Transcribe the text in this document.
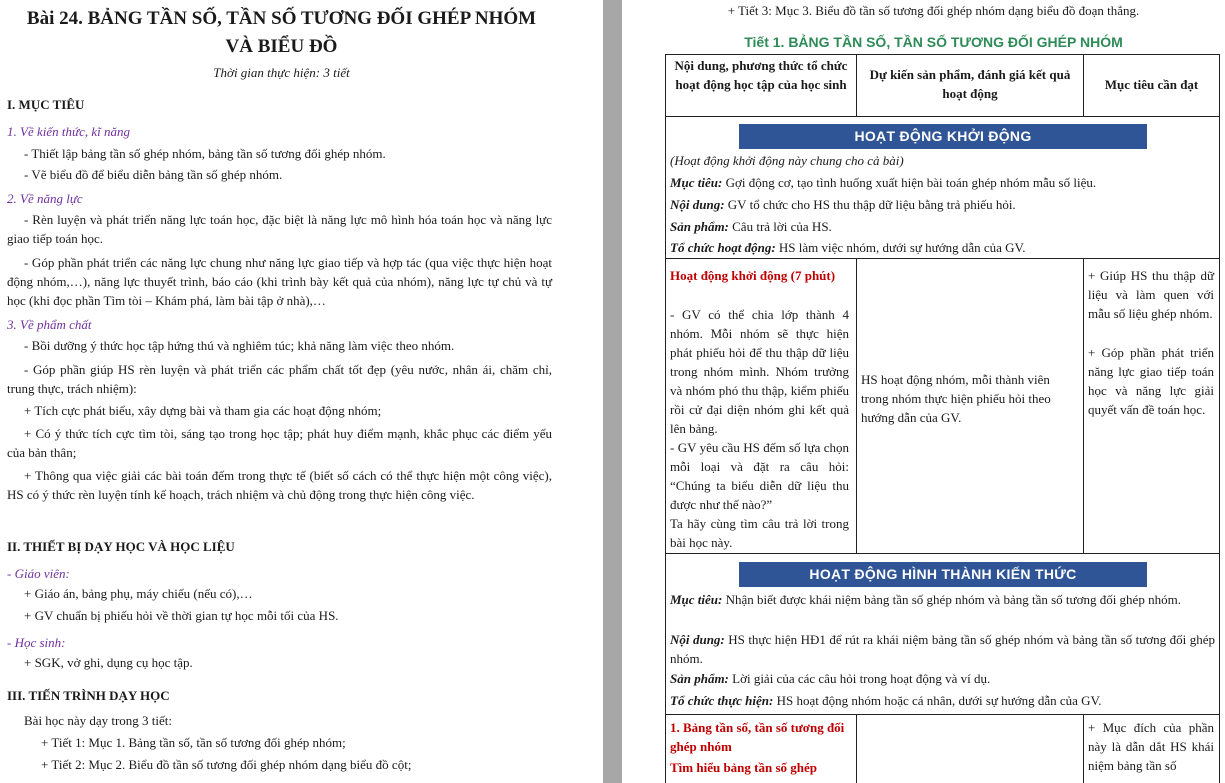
Bài 24. BẢNG TẦN SỐ, TẦN SỐ TƯƠNG ĐỐI GHÉP NHÓM
VÀ BIỂU ĐỒ
Thời gian thực hiện: 3 tiết
I. MỤC TIÊU
1. Về kiến thức, kĩ năng
- Thiết lập bảng tần số ghép nhóm, bảng tần số tương đối ghép nhóm.
- Vẽ biểu đồ để biểu diễn bảng tần số ghép nhóm.
2. Về năng lực
- Rèn luyện và phát triển năng lực toán học, đặc biệt là năng lực mô hình hóa toán học và năng lực giao tiếp toán học.
- Góp phần phát triển các năng lực chung như năng lực giao tiếp và hợp tác (qua việc thực hiện hoạt động nhóm,…), năng lực thuyết trình, báo cáo (khi trình bày kết quả của nhóm), năng lực tự chủ và tự học (khi đọc phần Tìm tòi – Khám phá, làm bài tập ở nhà),…
3. Về phẩm chất
- Bồi dưỡng ý thức học tập hứng thú và nghiêm túc; khả năng làm việc theo nhóm.
- Góp phần giúp HS rèn luyện và phát triển các phẩm chất tốt đẹp (yêu nước, nhân ái, chăm chỉ, trung thực, trách nhiệm):
+ Tích cực phát biểu, xây dựng bài và tham gia các hoạt động nhóm;
+ Có ý thức tích cực tìm tòi, sáng tạo trong học tập; phát huy điểm mạnh, khắc phục các điểm yếu của bản thân;
+ Thông qua việc giải các bài toán đếm trong thực tế (biết số cách có thể thực hiện một công việc), HS có ý thức rèn luyện tính kế hoạch, trách nhiệm và chủ động trong thực hiện công việc.
II. THIẾT BỊ DẠY HỌC VÀ HỌC LIỆU
- Giáo viên:
+ Giáo án, bảng phụ, máy chiếu (nếu có),…
+ GV chuẩn bị phiếu hỏi về thời gian tự học mỗi tối của HS.
- Học sinh:
+ SGK, vở ghi, dụng cụ học tập.
III. TIẾN TRÌNH DẠY HỌC
Bài học này dạy trong 3 tiết:
+ Tiết 1: Mục 1. Bảng tần số, tần số tương đối ghép nhóm;
+ Tiết 2: Mục 2. Biểu đồ tần số tương đối ghép nhóm dạng biểu đồ cột;
+ Tiết 3: Mục 3. Biểu đồ tần số tương đối ghép nhóm dạng biểu đồ đoạn thẳng.
Tiết 1. BẢNG TẦN SỐ, TẦN SỐ TƯƠNG ĐỐI GHÉP NHÓM
Nội dung, phương thức tổ chức hoạt động học tập của học sinh
Dự kiến sản phẩm, đánh giá kết quả hoạt động
Mục tiêu cần đạt
HOẠT ĐỘNG KHỞI ĐỘNG
(Hoạt động khởi động này chung cho cả bài)
Mục tiêu: Gợi động cơ, tạo tình huống xuất hiện bài toán ghép nhóm mẫu số liệu.
Nội dung: GV tổ chức cho HS thu thập dữ liệu bằng trả phiếu hỏi.
Sản phẩm: Câu trả lời của HS.
Tổ chức hoạt động: HS làm việc nhóm, dưới sự hướng dẫn của GV.
Hoạt động khởi động (7 phút)
- GV có thể chia lớp thành 4 nhóm. Mỗi nhóm sẽ thực hiện phát phiếu hỏi để thu thập dữ liệu trong nhóm mình. Nhóm trưởng và nhóm phó thu thập, kiểm phiếu rồi cử đại diện nhóm ghi kết quả lên bảng.
- GV yêu cầu HS đếm số lựa chọn mỗi loại và đặt ra câu hỏi: “Chúng ta biểu diễn dữ liệu thu được như thế nào?”
Ta hãy cùng tìm câu trả lời trong bài học này.
HS hoạt động nhóm, mỗi thành viên trong nhóm thực hiện phiếu hỏi theo hướng dẫn của GV.
+ Giúp HS thu thập dữ liệu và làm quen với mẫu số liệu ghép nhóm.
+ Góp phần phát triển năng lực giao tiếp toán học và năng lực giải quyết vấn đề toán học.
HOẠT ĐỘNG HÌNH THÀNH KIẾN THỨC
Mục tiêu: Nhận biết được khái niệm bảng tần số ghép nhóm và bảng tần số tương đối ghép nhóm.
Nội dung: HS thực hiện HĐ1 để rút ra khái niệm bảng tần số ghép nhóm và bảng tần số tương đối ghép nhóm.
Sản phẩm: Lời giải của các câu hỏi trong hoạt động và ví dụ.
Tổ chức thực hiện: HS hoạt động nhóm hoặc cá nhân, dưới sự hướng dẫn của GV.
1. Bảng tần số, tần số tương đối ghép nhóm
Tìm hiểu bảng tần số ghép
+ Mục đích của phần này là dẫn dắt HS khái niệm bảng tần số
